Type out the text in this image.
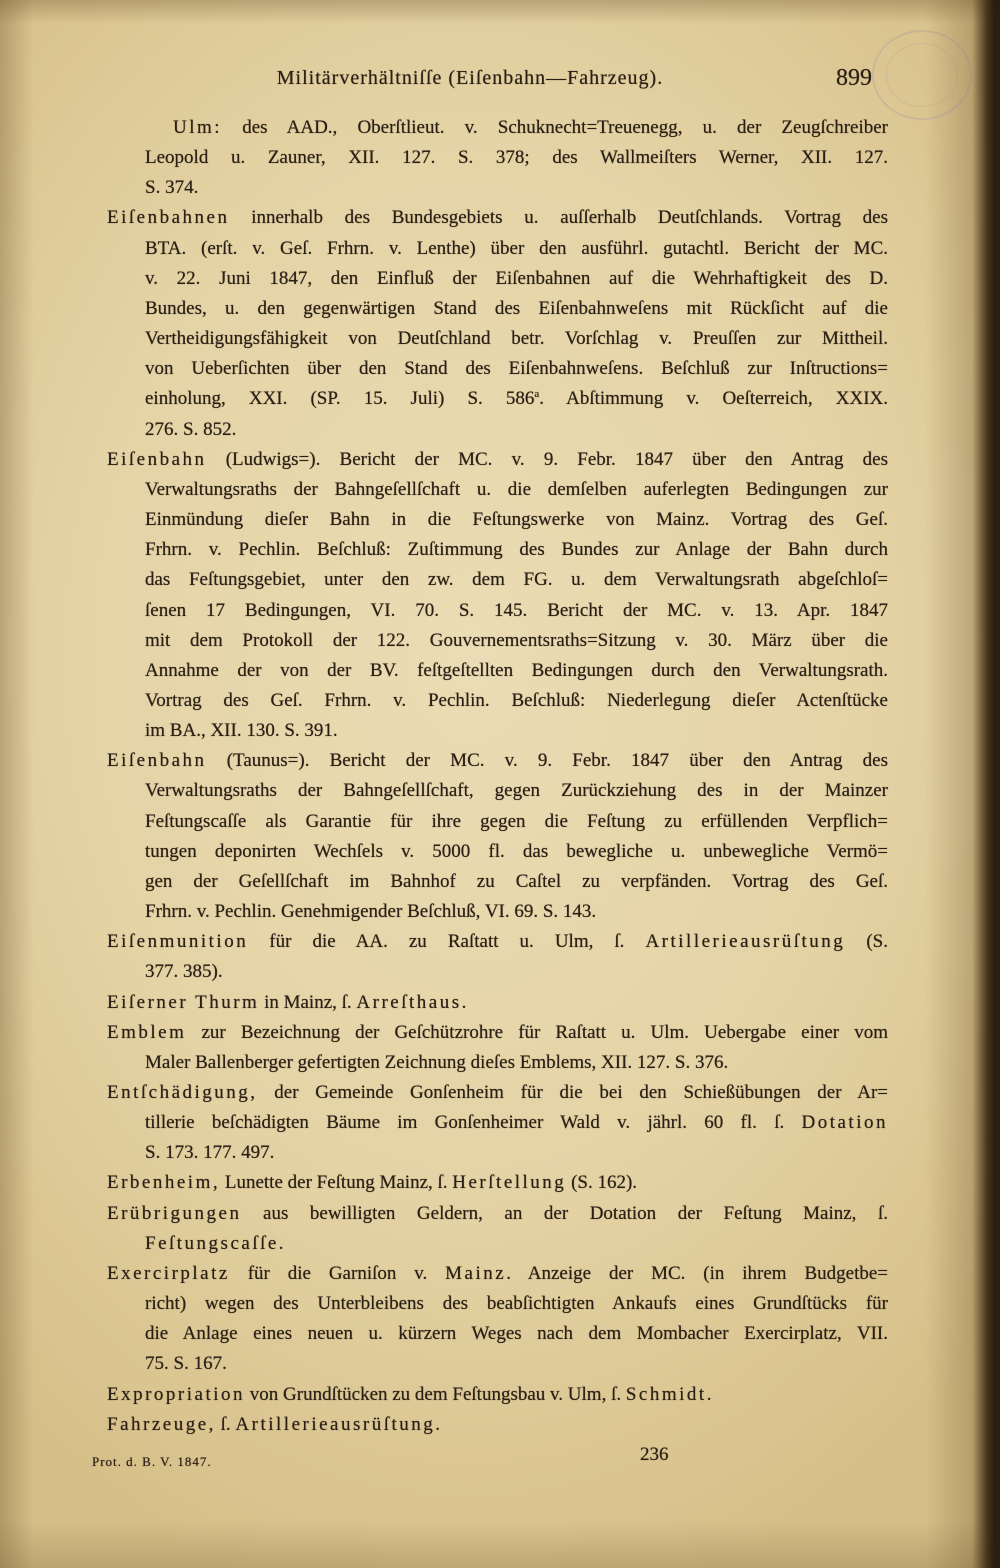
Militärverhältniſſe (Eiſenbahn—Fahrzeug).	899
Ulm: des AAD., Oberſtlieut. v. Schuknecht=Treuenegg, u. der Zeugſchreiber
Leopold u. Zauner, XII. 127. S. 378; des Wallmeiſters Werner, XII. 127.
S. 374.
Eiſenbahnen innerhalb des Bundesgebiets u. auſſerhalb Deutſchlands. Vortrag des
BTA. (erſt. v. Geſ. Frhrn. v. Lenthe) über den ausführl. gutachtl. Bericht der MC.
v. 22. Juni 1847, den Einfluß der Eiſenbahnen auf die Wehrhaftigkeit des D.
Bundes, u. den gegenwärtigen Stand des Eiſenbahnweſens mit Rückſicht auf die
Vertheidigungsfähigkeit von Deutſchland betr. Vorſchlag v. Preuſſen zur Mittheil.
von Ueberſichten über den Stand des Eiſenbahnweſens. Beſchluß zur Inſtructions=
einholung, XXI. (SP. 15. Juli) S. 586$^a$. Abſtimmung v. Oeſterreich, XXIX.
276. S. 852.
Eiſenbahn (Ludwigs=). Bericht der MC. v. 9. Febr. 1847 über den Antrag des
Verwaltungsraths der Bahngeſellſchaft u. die demſelben auferlegten Bedingungen zur
Einmündung dieſer Bahn in die Feſtungswerke von Mainz. Vortrag des Geſ.
Frhrn. v. Pechlin. Beſchluß: Zuſtimmung des Bundes zur Anlage der Bahn durch
das Feſtungsgebiet, unter den zw. dem FG. u. dem Verwaltungsrath abgeſchloſ=
ſenen 17 Bedingungen, VI. 70. S. 145. Bericht der MC. v. 13. Apr. 1847
mit dem Protokoll der 122. Gouvernementsraths=Sitzung v. 30. März über die
Annahme der von der BV. feſtgeſtellten Bedingungen durch den Verwaltungsrath.
Vortrag des Geſ. Frhrn. v. Pechlin. Beſchluß: Niederlegung dieſer Actenſtücke
im BA., XII. 130. S. 391.
Eiſenbahn (Taunus=). Bericht der MC. v. 9. Febr. 1847 über den Antrag des
Verwaltungsraths der Bahngeſellſchaft, gegen Zurückziehung des in der Mainzer
Feſtungscaſſe als Garantie für ihre gegen die Feſtung zu erfüllenden Verpflich=
tungen deponirten Wechſels v. 5000 fl. das bewegliche u. unbewegliche Vermö=
gen der Geſellſchaft im Bahnhof zu Caſtel zu verpfänden. Vortrag des Geſ.
Frhrn. v. Pechlin. Genehmigender Beſchluß, VI. 69. S. 143.
Eiſenmunition für die AA. zu Raſtatt u. Ulm, ſ. Artillerieausrüſtung (S.
377. 385).
Eiſerner Thurm in Mainz, ſ. Arreſthaus.
Emblem zur Bezeichnung der Geſchützrohre für Raſtatt u. Ulm. Uebergabe einer vom
Maler Ballenberger gefertigten Zeichnung dieſes Emblems, XII. 127. S. 376.
Entſchädigung, der Gemeinde Gonſenheim für die bei den Schießübungen der Ar=
tillerie beſchädigten Bäume im Gonſenheimer Wald v. jährl. 60 fl. ſ. Dotation
S. 173. 177. 497.
Erbenheim, Lunette der Feſtung Mainz, ſ. Herſtellung (S. 162).
Erübrigungen aus bewilligten Geldern, an der Dotation der Feſtung Mainz, ſ.
Feſtungscaſſe.
Exercirplatz für die Garniſon v. Mainz. Anzeige der MC. (in ihrem Budgetbe=
richt) wegen des Unterbleibens des beabſichtigten Ankaufs eines Grundſtücks für
die Anlage eines neuen u. kürzern Weges nach dem Mombacher Exercirplatz, VII.
75. S. 167.
Expropriation von Grundſtücken zu dem Feſtungsbau v. Ulm, ſ. Schmidt.
Fahrzeuge, ſ. Artillerieausrüſtung.
Prot. d. B. V. 1847.	236
